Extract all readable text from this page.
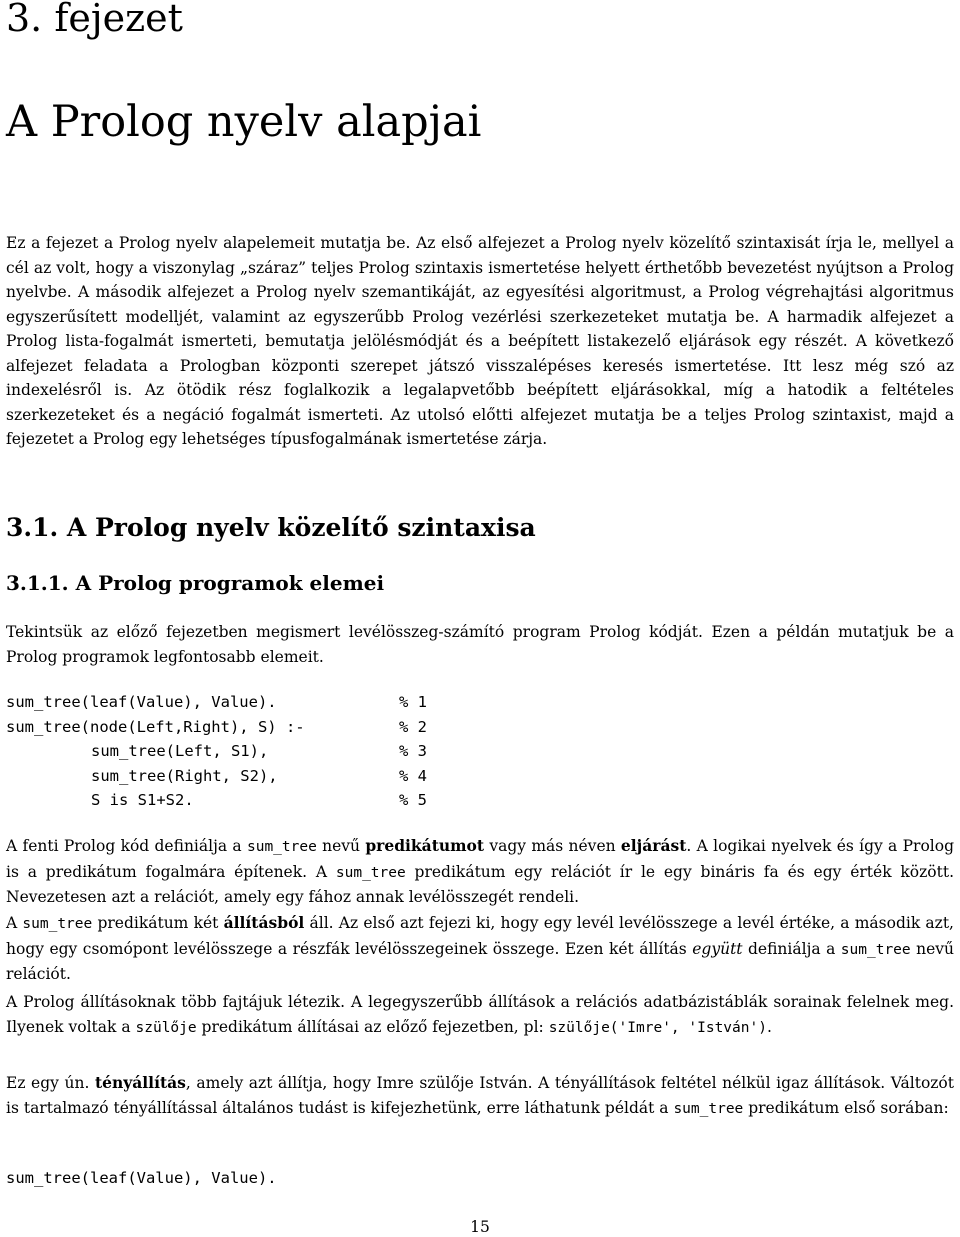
3. fejezet
A Prolog nyelv alapjai

Ez a fejezet a Prolog nyelv alapelemeit mutatja be. Az első alfejezet a Prolog nyelv közelítő szintaxisát írja le, mellyel a cél az volt, hogy a viszonylag „száraz” teljes Prolog szintaxis ismertetése helyett érthetőbb bevezetést nyújtson a Prolog nyelvbe. A második alfejezet a Prolog nyelv szemantikáját, az egyesítési algoritmust, a Prolog végrehajtási algoritmus egyszerűsített modelljét, valamint az egyszerűbb Prolog vezérlési szerkezeteket mutatja be. A harmadik alfejezet a Prolog lista-fogalmát ismerteti, bemutatja jelölésmódját és a beépített listakezelő eljárások egy részét. A következő alfejezet feladata a Prologban központi szerepet játszó visszalépéses keresés ismertetése. Itt lesz még szó az indexelésről is. Az ötödik rész foglalkozik a legalapvetőbb beépített eljárásokkal, míg a hatodik a feltételes szerkezeteket és a negáció fogalmát ismerteti. Az utolsó előtti alfejezet mutatja be a teljes Prolog szintaxist, majd a fejezetet a Prolog egy lehetséges típusfogalmának ismertetése zárja.

3.1. A Prolog nyelv közelítő szintaxisa
3.1.1. A Prolog programok elemei

Tekintsük az előző fejezetben megismert levélösszeg-számító program Prolog kódját. Ezen a példán mutatjuk be a Prolog programok legfontosabb elemeit.

sum_tree(leaf(Value), Value).	% 1
sum_tree(node(Left,Right), S) :-	% 2
sum_tree(Left, S1),	% 3
sum_tree(Right, S2),	% 4
S is S1+S2.	% 5

A fenti Prolog kód definiálja a sum_tree nevű predikátumot vagy más néven eljárást. A logikai nyelvek és így a Prolog is a predikátum fogalmára építenek. A sum_tree predikátum egy relációt ír le egy bináris fa és egy érték között. Nevezetesen azt a relációt, amely egy fához annak levélösszegét rendeli.

A sum_tree predikátum két állításból áll. Az első azt fejezi ki, hogy egy levél levélösszege a levél értéke, a második azt, hogy egy csomópont levélösszege a részfák levélösszegeinek összege. Ezen két állítás együtt definiálja a sum_tree nevű relációt.

A Prolog állításoknak több fajtájuk létezik. A legegyszerűbb állítások a relációs adatbázistáblák sorainak felelnek meg. Ilyenek voltak a szülője predikátum állításai az előző fejezetben, pl: szülője('Imre', 'István').

Ez egy ún. tényállítás, amely azt állítja, hogy Imre szülője István. A tényállítások feltétel nélkül igaz állítások. Változót is tartalmazó tényállítással általános tudást is kifejezhetünk, erre láthatunk példát a sum_tree predikátum első sorában:

sum_tree(leaf(Value), Value).
15
